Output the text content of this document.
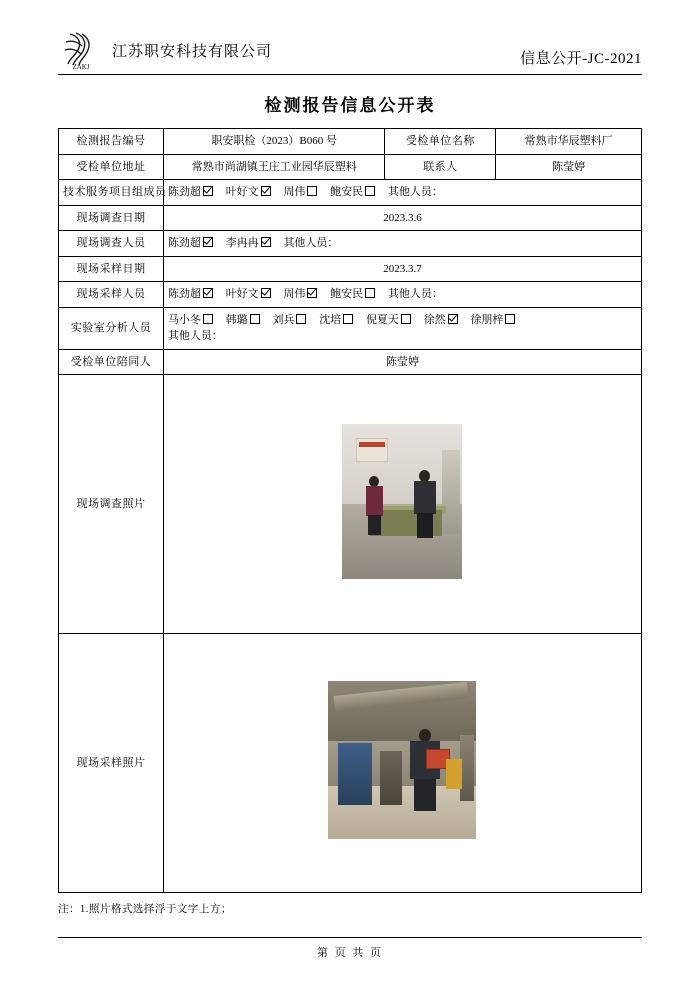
ZAKJ
江苏职安科技有限公司	信息公开-JC-2021
检测报告信息公开表
检测报告编号	职安职检（2023）B060 号	受检单位名称	常熟市华辰塑料厂
受检单位地址	常熟市尚湖镇王庄工业园华辰塑料	联系人	陈莹婷
技术服务项目组成员	陈劲超 叶好文 周伟 鲍安民 其他人员：		
现场调查日期	2023.3.6		
现场调查人员	陈劲超 李冉冉 其他人员：		
现场采样日期	2023.3.7		
现场采样人员	陈劲超 叶好文 周伟 鲍安民 其他人员：		
实验室分析人员	马小冬 韩璐 刘兵 沈培 倪夏天 徐然 徐朋梓
其他人员：		
受检单位陪同人	陈莹婷		
现场调查照片			

现场采样照片			
注：1.照片格式选择浮于文字上方；
第 页 共 页
